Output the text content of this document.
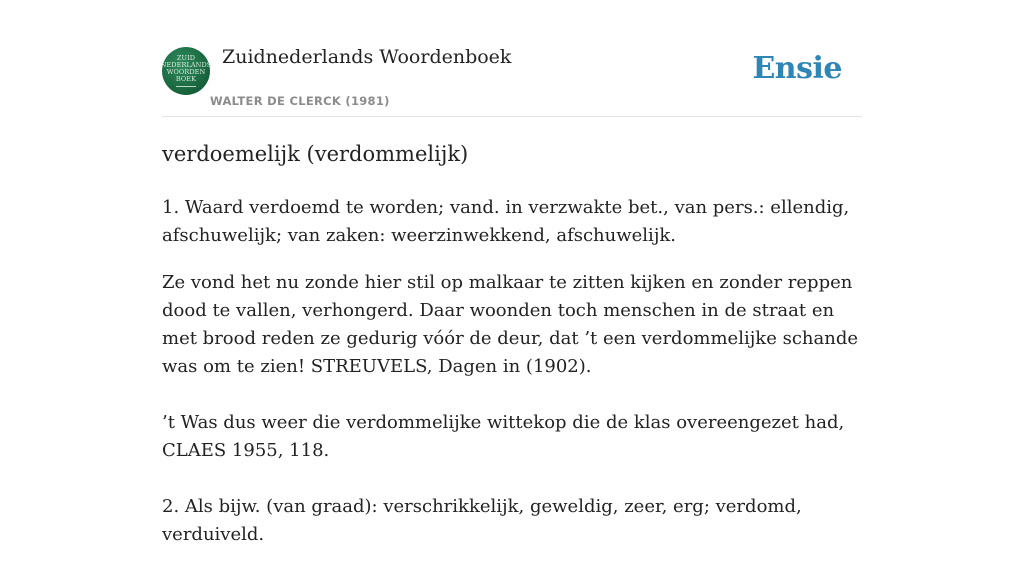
ZUID
NEDERLANDS
WOORDEN
BOEK
Zuidnederlands Woordenboek
WALTER DE CLERCK (1981)
Ensie
verdoemelijk (verdommelijk)

1. Waard verdoemd te worden; vand. in verzwakte bet., van pers.: ellendig, afschuwelijk; van zaken: weerzinwekkend, afschuwelijk.

Ze vond het nu zonde hier stil op malkaar te zitten kijken en zonder reppen dood te vallen, verhongerd. Daar woonden toch menschen in de straat en met brood reden ze gedurig vóór de deur, dat ’t een verdommelijke schande was om te zien! STREUVELS, Dagen in (1902).

’t Was dus weer die verdommelijke wittekop die de klas overeengezet had, CLAES 1955, 118.

2. Als bijw. (van graad): verschrikkelijk, geweldig, zeer, erg; verdomd, verduiveld.
